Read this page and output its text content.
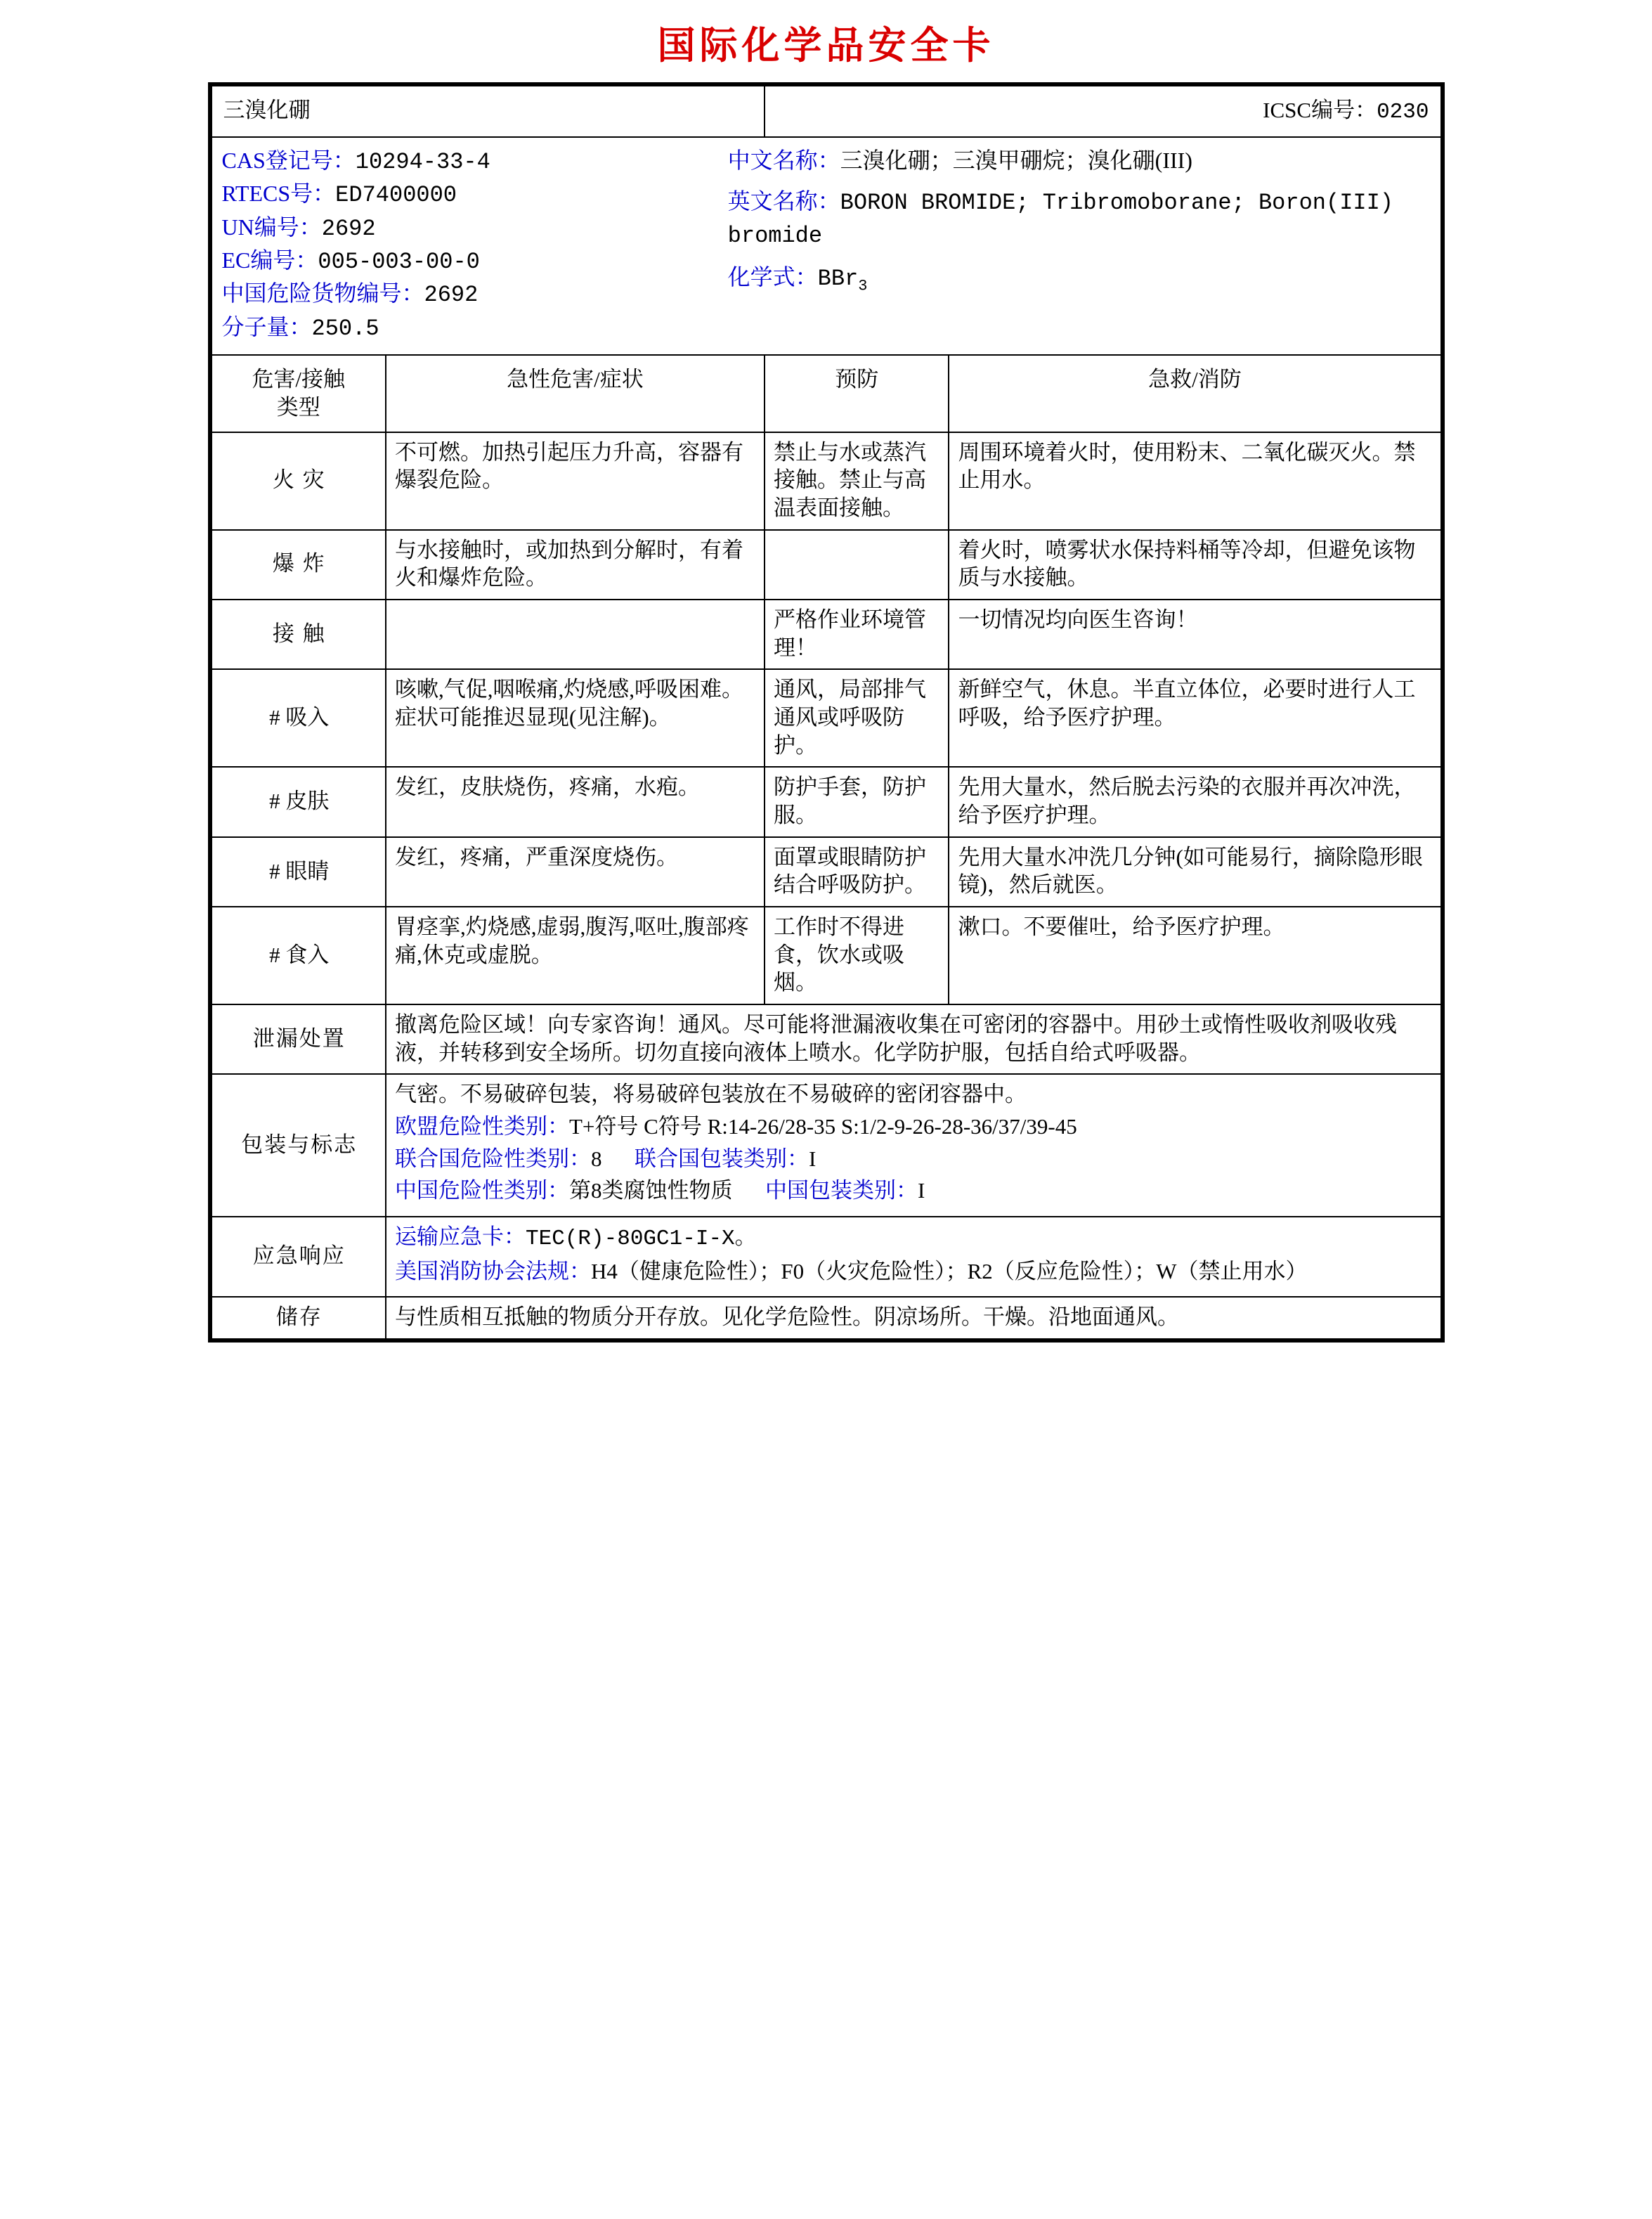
国际化学品安全卡
三溴化硼		ICSC编号：0230	

CAS登记号：10294-33-4
RTECS号：ED7400000
UN编号：2692
EC编号：005-003-00-0
中国危险货物编号：2692
分子量：250.5
中文名称：三溴化硼；三溴甲硼烷；溴化硼(III)
英文名称：BORON BROMIDE; Tribromoborane; Boron(III) bromide
化学式：BBr$_3$

危害/接触
类型	急性危害/症状	预防	急救/消防
火 灾	不可燃。加热引起压力升高，容器有爆裂危险。	禁止与水或蒸汽接触。禁止与高温表面接触。	周围环境着火时，使用粉末、二氧化碳灭火。禁止用水。
爆 炸	与水接触时，或加热到分解时，有着火和爆炸危险。		着火时，喷雾状水保持料桶等冷却，但避免该物质与水接触。
接 触		严格作业环境管理！	一切情况均向医生咨询！
# 吸入	咳嗽,气促,咽喉痛,灼烧感,呼吸困难。症状可能推迟显现(见注解)。	通风，局部排气通风或呼吸防护。	新鲜空气，休息。半直立体位，必要时进行人工呼吸，给予医疗护理。
# 皮肤	发红，皮肤烧伤，疼痛，水疱。	防护手套，防护服。	先用大量水，然后脱去污染的衣服并再次冲洗，给予医疗护理。
# 眼睛	发红，疼痛，严重深度烧伤。	面罩或眼睛防护结合呼吸防护。	先用大量水冲洗几分钟(如可能易行，摘除隐形眼镜)，然后就医。
# 食入	胃痉挛,灼烧感,虚弱,腹泻,呕吐,腹部疼痛,休克或虚脱。	工作时不得进食，饮水或吸烟。	漱口。不要催吐，给予医疗护理。
泄漏处置	撤离危险区域！向专家咨询！通风。尽可能将泄漏液收集在可密闭的容器中。用砂土或惰性吸收剂吸收残液，并转移到安全场所。切勿直接向液体上喷水。化学防护服，包括自给式呼吸器。		
包装与标志	气密。不易破碎包装，将易破碎包装放在不易破碎的密闭容器中。

欧盟危险性类别：T+符号 C符号 R:14-26/28-35 S:1/2-9-26-28-36/37/39-45

联合国危险性类别：8 联合国包装类别：I

中国危险性类别：第8类腐蚀性物质 中国包装类别：I		

应急响应	运输应急卡：TEC(R)-80GC1-I-X。

美国消防协会法规：H4（健康危险性）；F0（火灾危险性）；R2（反应危险性）；W（禁止用水）		

储存	与性质相互抵触的物质分开存放。见化学危险性。阴凉场所。干燥。沿地面通风。		
